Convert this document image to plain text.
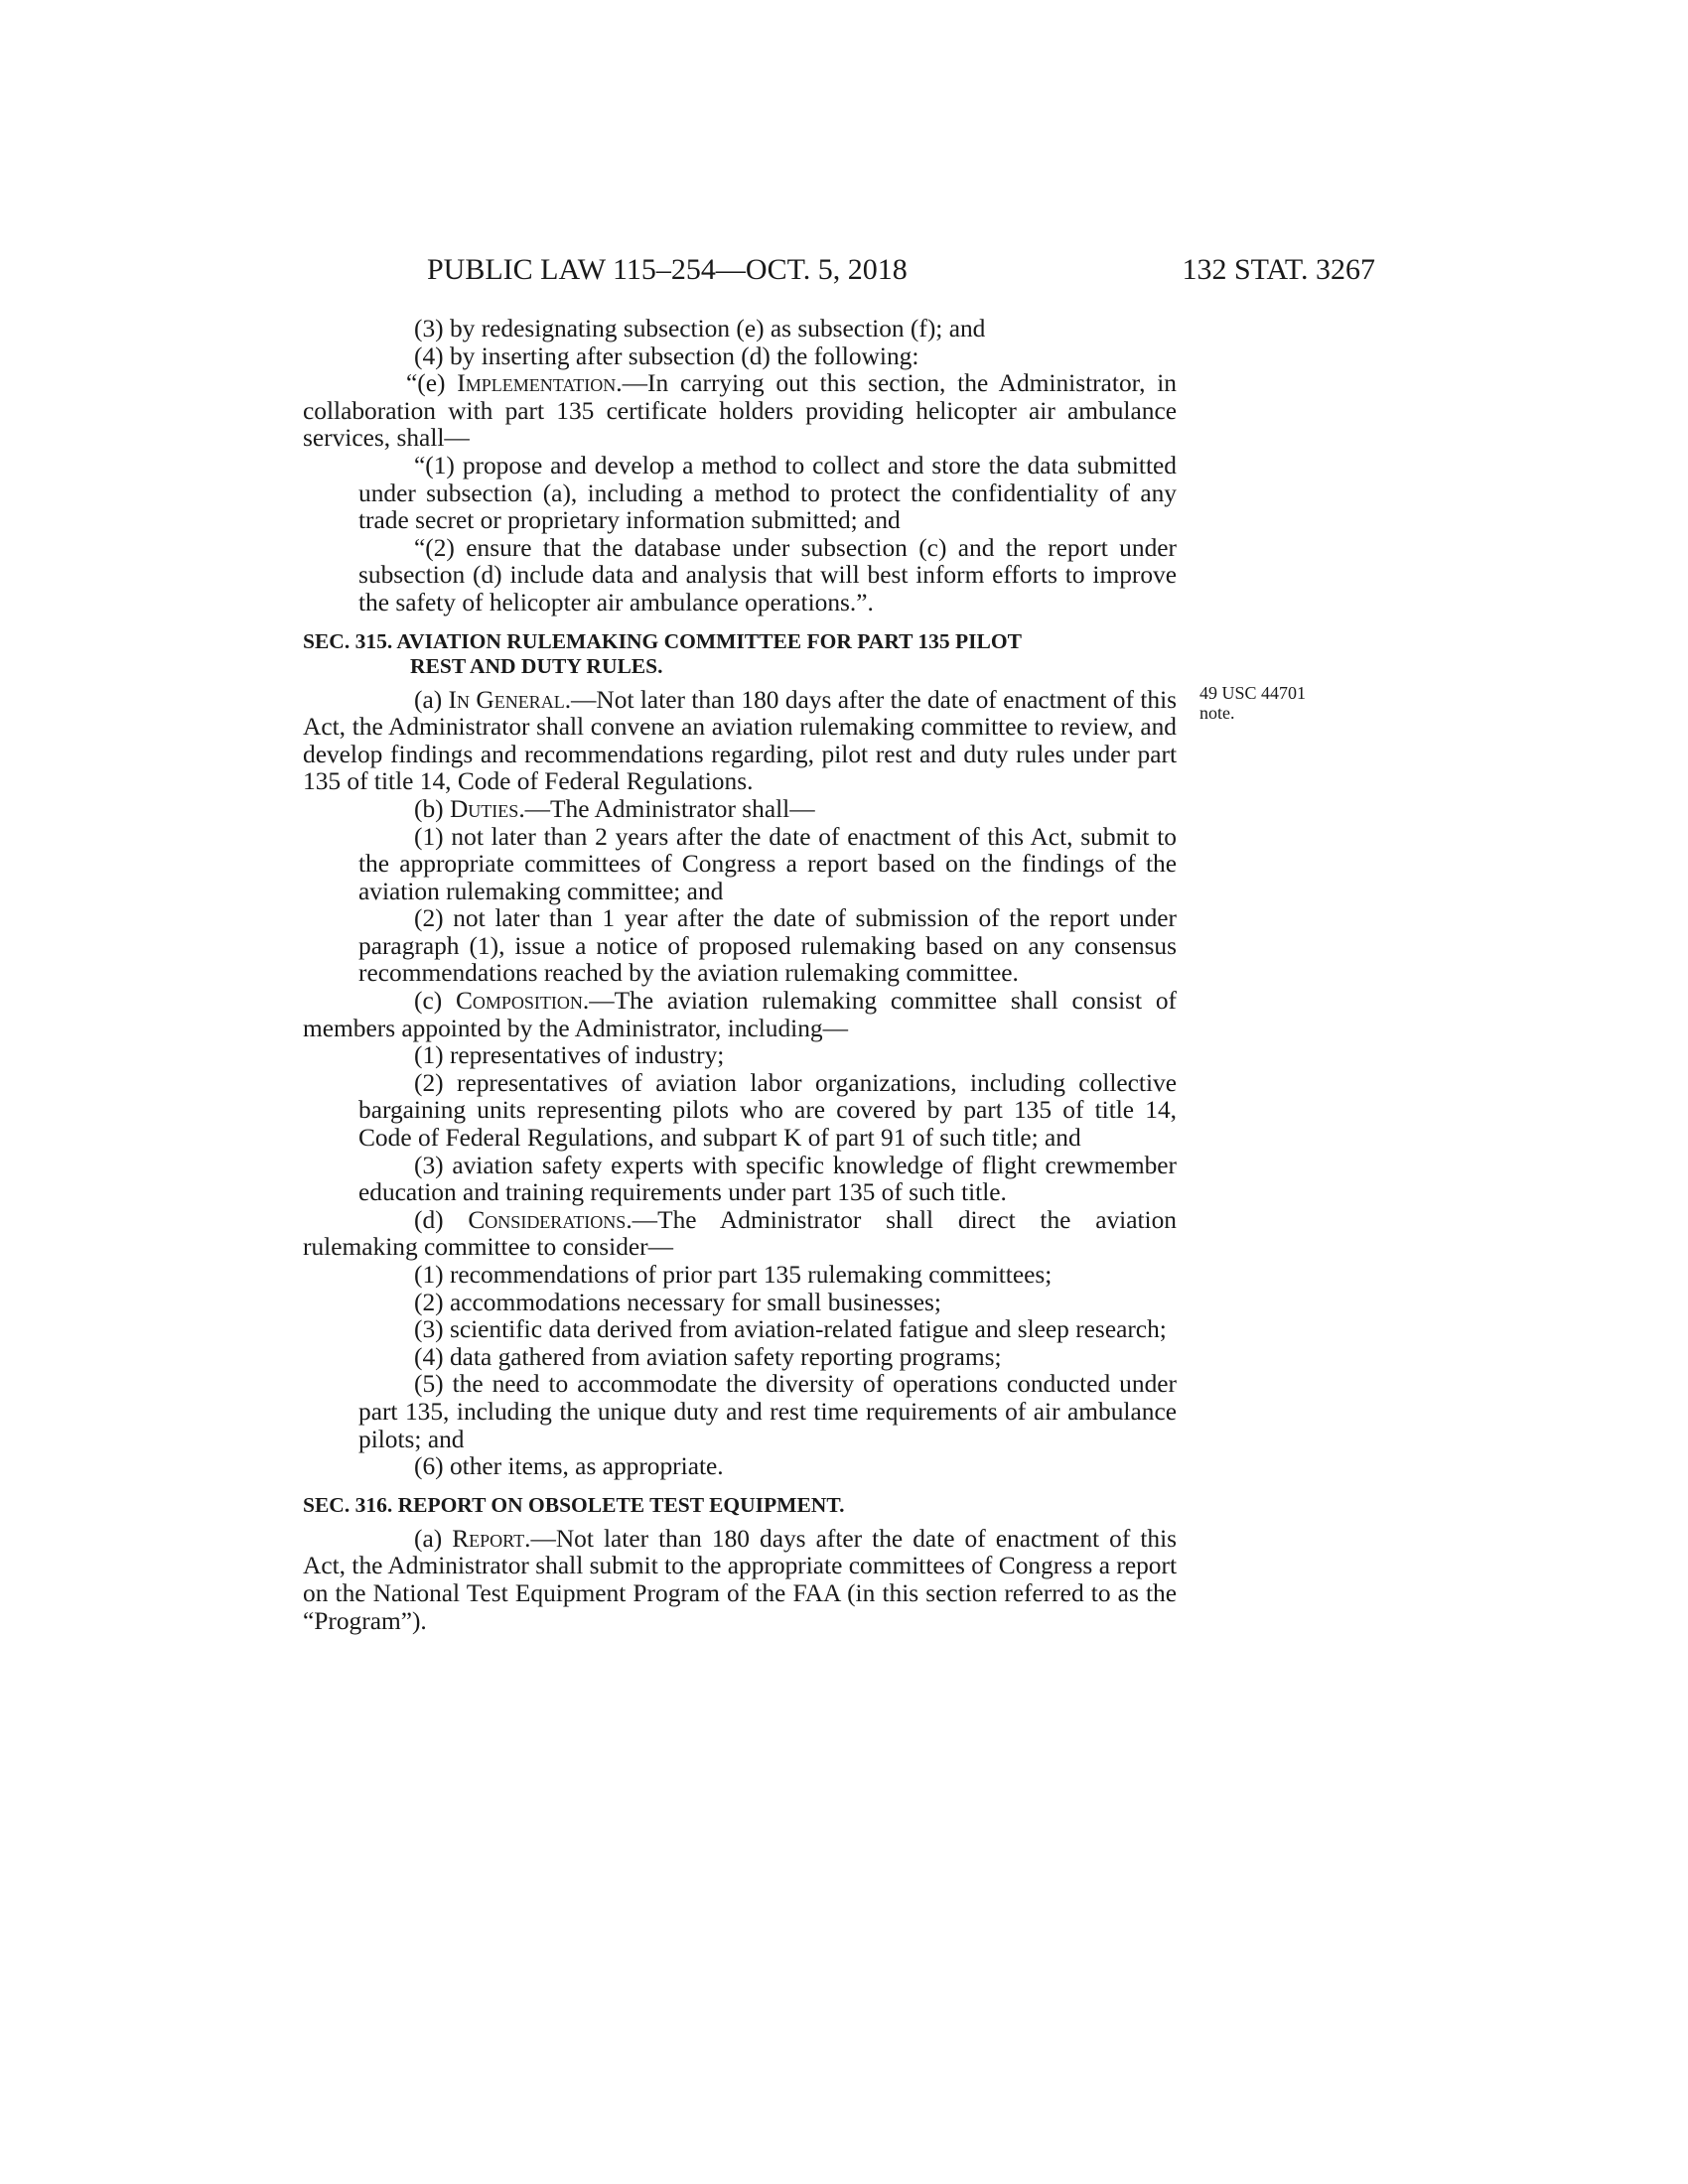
PUBLIC LAW 115–254—OCT. 5, 2018	132 STAT. 3267
49 USC 44701
note.

(3) by redesignating subsection (e) as subsection (f); and

(4) by inserting after subsection (d) the following:

“(e) Implementation.—In carrying out this section, the Administrator, in collaboration with part 135 certificate holders providing helicopter air ambulance services, shall—

“(1) propose and develop a method to collect and store the data submitted under subsection (a), including a method to protect the confidentiality of any trade secret or proprietary information submitted; and

“(2) ensure that the database under subsection (c) and the report under subsection (d) include data and analysis that will best inform efforts to improve the safety of helicopter air ambulance operations.”.

SEC. 315. AVIATION RULEMAKING COMMITTEE FOR PART 135 PILOT
REST AND DUTY RULES.

(a) In General.—Not later than 180 days after the date of enactment of this Act, the Administrator shall convene an aviation rulemaking committee to review, and develop findings and recommendations regarding, pilot rest and duty rules under part 135 of title 14, Code of Federal Regulations.

(b) Duties.—The Administrator shall—

(1) not later than 2 years after the date of enactment of this Act, submit to the appropriate committees of Congress a report based on the findings of the aviation rulemaking committee; and

(2) not later than 1 year after the date of submission of the report under paragraph (1), issue a notice of proposed rulemaking based on any consensus recommendations reached by the aviation rulemaking committee.

(c) Composition.—The aviation rulemaking committee shall consist of members appointed by the Administrator, including—

(1) representatives of industry;

(2) representatives of aviation labor organizations, including collective bargaining units representing pilots who are covered by part 135 of title 14, Code of Federal Regulations, and subpart K of part 91 of such title; and

(3) aviation safety experts with specific knowledge of flight crewmember education and training requirements under part 135 of such title.

(d) Considerations.—The Administrator shall direct the aviation rulemaking committee to consider—

(1) recommendations of prior part 135 rulemaking committees;

(2) accommodations necessary for small businesses;

(3) scientific data derived from aviation-related fatigue and sleep research;

(4) data gathered from aviation safety reporting programs;

(5) the need to accommodate the diversity of operations conducted under part 135, including the unique duty and rest time requirements of air ambulance pilots; and

(6) other items, as appropriate.

SEC. 316. REPORT ON OBSOLETE TEST EQUIPMENT.

(a) Report.—Not later than 180 days after the date of enactment of this Act, the Administrator shall submit to the appropriate committees of Congress a report on the National Test Equipment Program of the FAA (in this section referred to as the “Program”).
